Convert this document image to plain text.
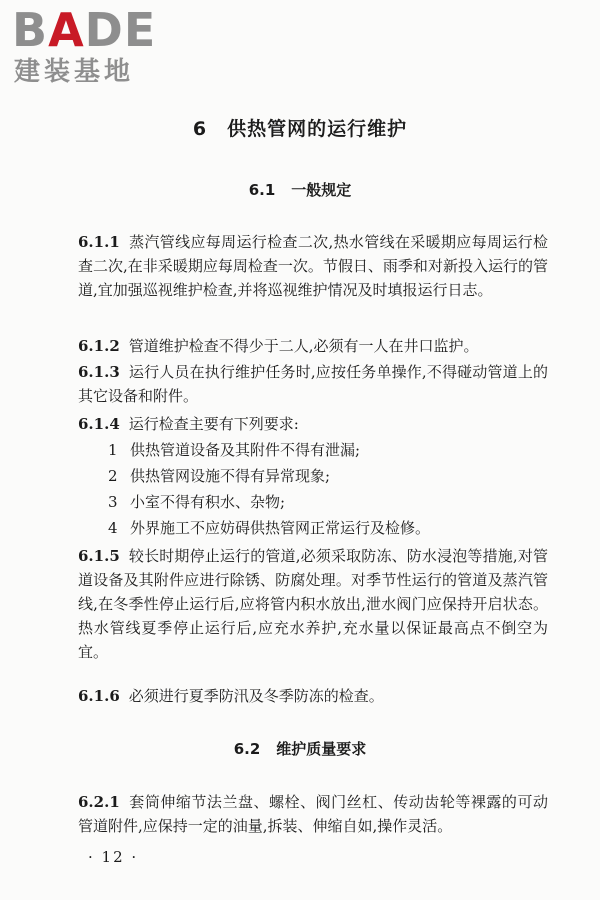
BADE
建装基地
6 供热管网的运行维护
6.1 一般规定
6.1.1 蒸汽管线应每周运行检查二次,热水管线在采暖期应每周运行检查二次,在非采暖期应每周检查一次。节假日、雨季和对新投入运行的管道,宜加强巡视维护检查,并将巡视维护情况及时填报运行日志。
6.1.2 管道维护检查不得少于二人,必须有一人在井口监护。
6.1.3 运行人员在执行维护任务时,应按任务单操作,不得碰动管道上的其它设备和附件。
6.1.4 运行检查主要有下列要求:
1 供热管道设备及其附件不得有泄漏;
2 供热管网设施不得有异常现象;
3 小室不得有积水、杂物;
4 外界施工不应妨碍供热管网正常运行及检修。
6.1.5 较长时期停止运行的管道,必须采取防冻、防水浸泡等措施,对管道设备及其附件应进行除锈、防腐处理。对季节性运行的管道及蒸汽管线,在冬季性停止运行后,应将管内积水放出,泄水阀门应保持开启状态。热水管线夏季停止运行后,应充水养护,充水量以保证最高点不倒空为宜。
6.1.6 必须进行夏季防汛及冬季防冻的检查。
6.2 维护质量要求
6.2.1 套筒伸缩节法兰盘、螺栓、阀门丝杠、传动齿轮等裸露的可动管道附件,应保持一定的油量,拆装、伸缩自如,操作灵活。
· 12 ·
